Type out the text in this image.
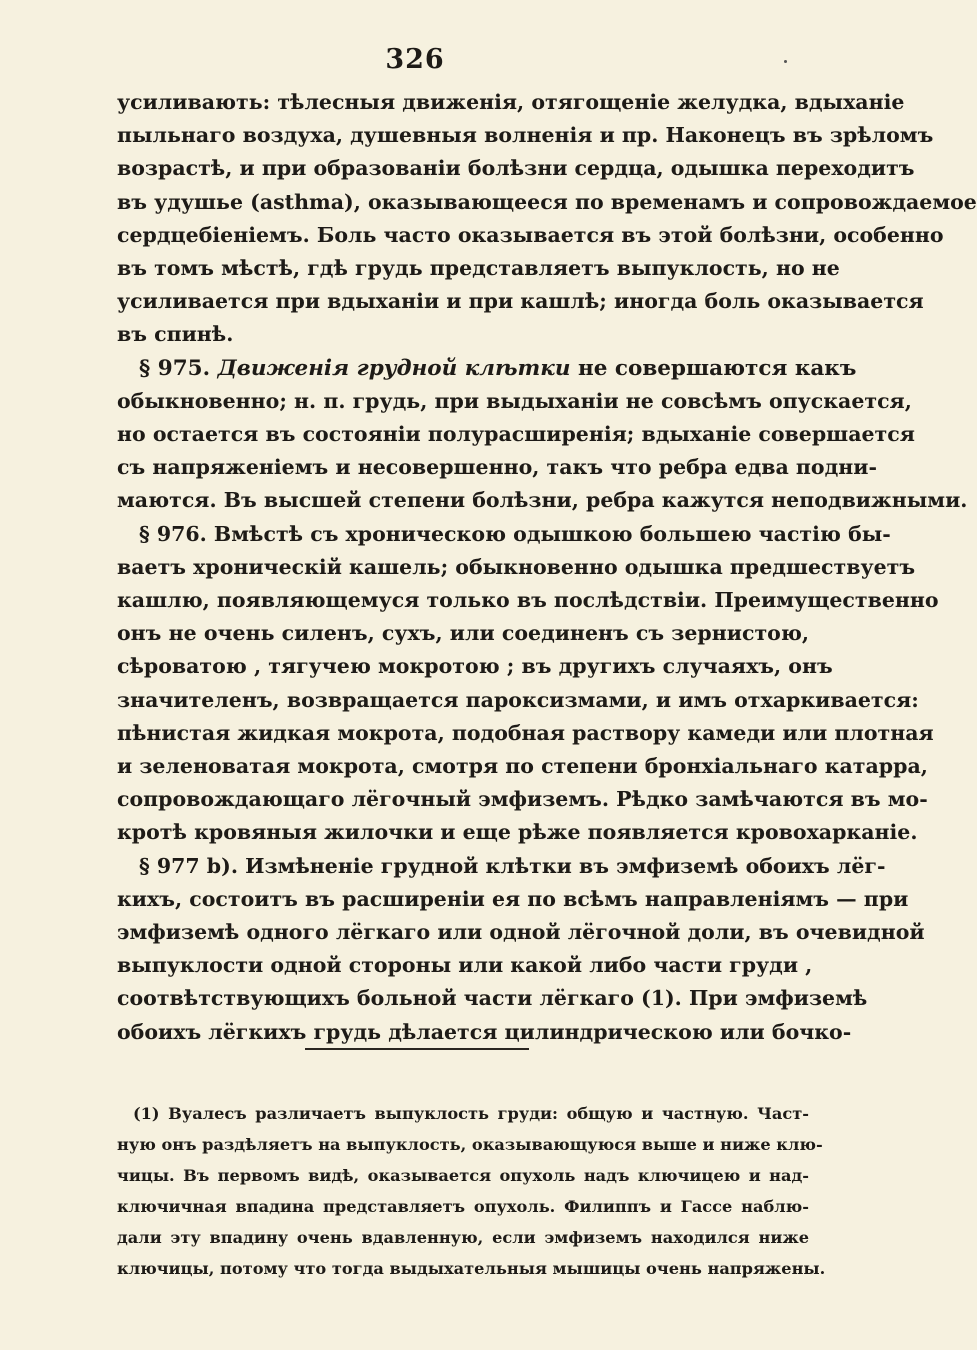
326
усиливають: тѣлесныя движенія, отягощеніе желудка, вдыханіе
пыльнаго воздуха, душевныя волненія и пр. Наконецъ въ зрѣломъ
возрастѣ, и при образованіи болѣзни сердца, одышка переходитъ
въ удушье (asthma), оказывающееся по временамъ и сопровождаемое
сердцебіеніемъ. Боль часто оказывается въ этой болѣзни, особенно
въ томъ мѣстѣ, гдѣ грудь представляетъ выпуклость, но не
усиливается при вдыханіи и при кашлѣ; иногда боль оказывается
въ спинѣ.
§ 975. Движенія грудной клѣтки не совершаются какъ
обыкновенно; н. п. грудь, при выдыханіи не совсѣмъ опускается,
но остается въ состояніи полурасширенія; вдыханіе совершается
съ напряженіемъ и несовершенно, такъ что ребра едва подни-
маются. Въ высшей степени болѣзни, ребра кажутся неподвижными.
§ 976. Вмѣстѣ съ хроническою одышкою большею частію бы-
ваетъ хроническій кашель; обыкновенно одышка предшествуетъ
кашлю, появляющемуся только въ послѣдствіи. Преимущественно
онъ не очень силенъ, сухъ, или соединенъ съ зернистою,
сѣроватою , тягучею мокротою ; въ другихъ случаяхъ, онъ
значителенъ, возвращается пароксизмами, и имъ отхаркивается:
пѣнистая жидкая мокрота, подобная раствору камеди или плотная
и зеленоватая мокрота, смотря по степени бронхіальнаго катарра,
сопровождающаго лёгочный эмфиземъ. Рѣдко замѣчаются въ мо-
кротѣ кровяныя жилочки и еще рѣже появляется кровохарканіе.
§ 977 b). Измѣненіе грудной клѣтки въ эмфиземѣ обоихъ лёг-
кихъ, состоитъ въ расширеніи ея по всѣмъ направленіямъ — при
эмфиземѣ одного лёгкаго или одной лёгочной доли, въ очевидной
выпуклости одной стороны или какой либо части груди ,
соотвѣтствующихъ больной части лёгкаго (1). При эмфиземѣ
обоихъ лёгкихъ грудь дѣлается цилиндрическою или бочко-
(1) Вуалесъ различаетъ выпуклость груди: общую и частную. Част-
ную онъ раздѣляетъ на выпуклость, оказывающуюся выше и ниже клю-
чицы. Въ первомъ видѣ, оказывается опухоль надъ ключицею и над-
ключичная впадина представляетъ опухоль. Филиппъ и Гассе наблю-
дали эту впадину очень вдавленную, если эмфиземъ находился ниже
ключицы, потому что тогда выдыхательныя мышицы очень напряжены.
